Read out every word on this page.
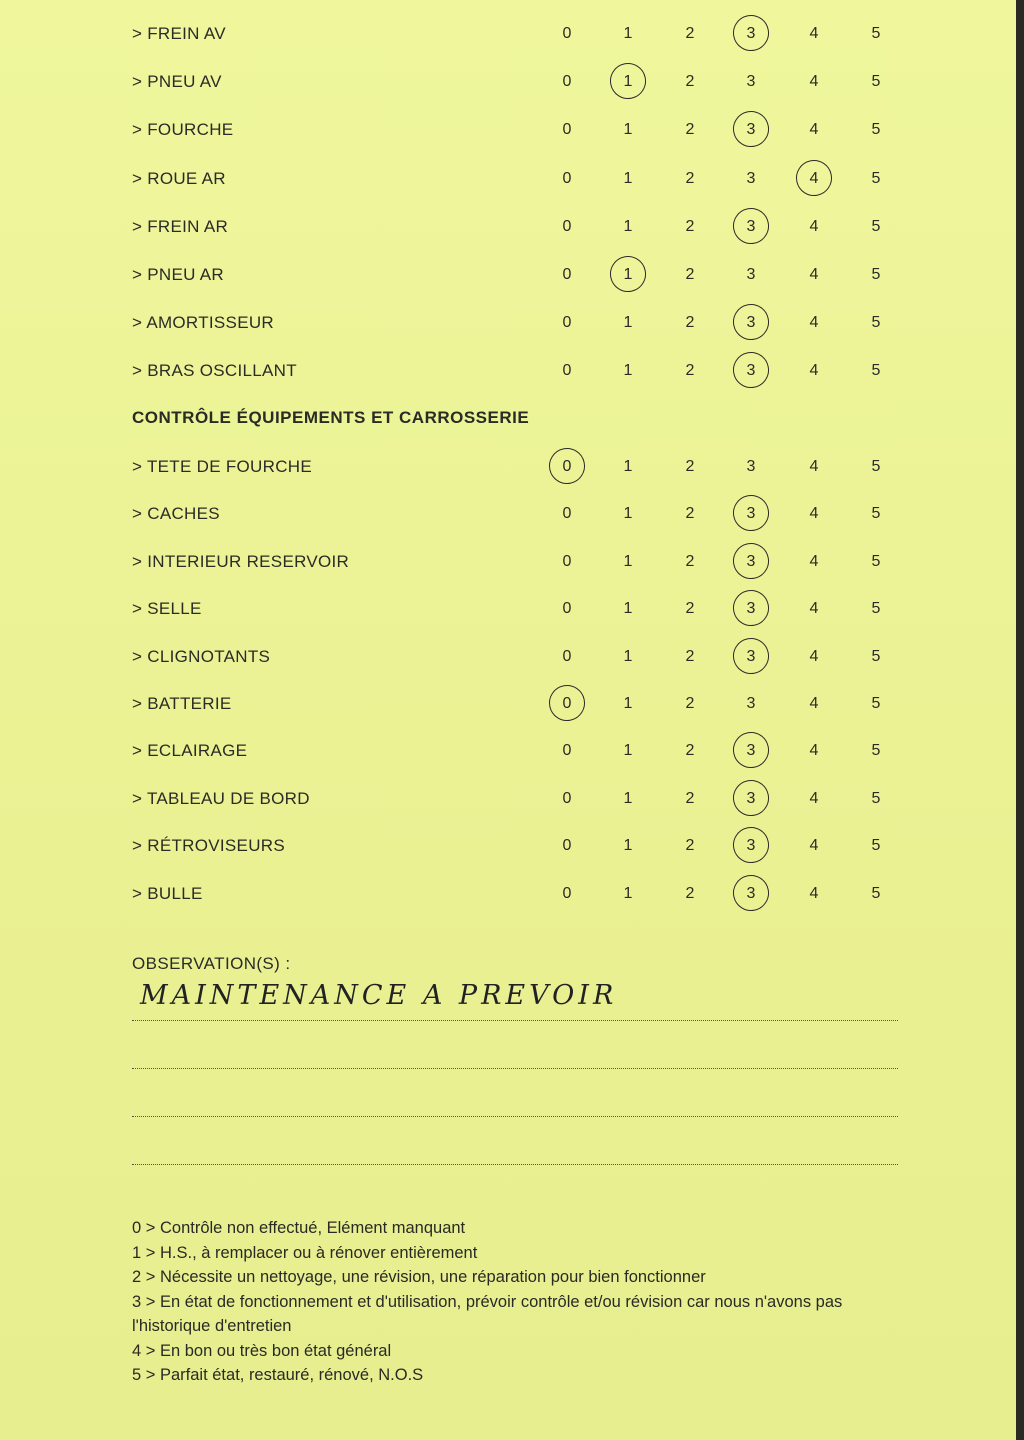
> FREIN AV	0	1	2	3	4	5
> PNEU AV	0	1	2	3	4	5
> FOURCHE	0	1	2	3	4	5
> ROUE AR	0	1	2	3	4	5
> FREIN AR	0	1	2	3	4	5
> PNEU AR	0	1	2	3	4	5
> AMORTISSEUR	0	1	2	3	4	5
> BRAS OSCILLANT	0	1	2	3	4	5
CONTRÔLE ÉQUIPEMENTS ET CARROSSERIE
> TETE DE FOURCHE	0	1	2	3	4	5
> CACHES	0	1	2	3	4	5
> INTERIEUR RESERVOIR	0	1	2	3	4	5
> SELLE	0	1	2	3	4	5
> CLIGNOTANTS	0	1	2	3	4	5
> BATTERIE	0	1	2	3	4	5
> ECLAIRAGE	0	1	2	3	4	5
> TABLEAU DE BORD	0	1	2	3	4	5
> RÉTROVISEURS	0	1	2	3	4	5
> BULLE	0	1	2	3	4	5
OBSERVATION(S) :
MAINTENANCE A PREVOIR
0 > Contrôle non effectué, Elément manquant
1 > H.S., à remplacer ou à rénover entièrement
2 > Nécessite un nettoyage, une révision, une réparation pour bien fonctionner
3 > En état de fonctionnement et d'utilisation, prévoir contrôle et/ou révision car nous n'avons pas l'historique d'entretien
4 > En bon ou très bon état général
5 > Parfait état, restauré, rénové, N.O.S
